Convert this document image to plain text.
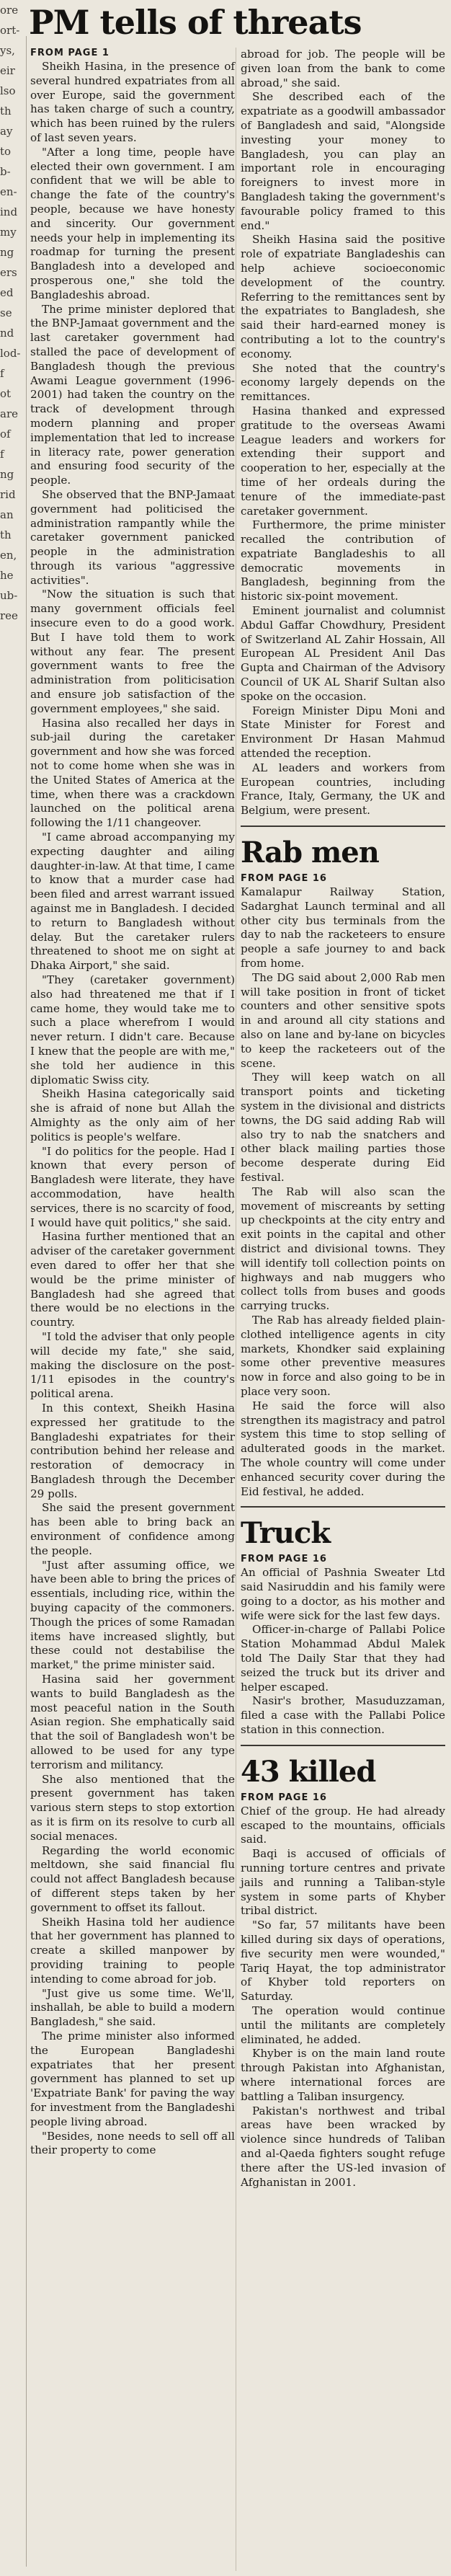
ore
ort-
ys,
eir
lso
th
ay
to
b-
en-
ind
my
ng
ers
ed
se
nd
lod-
f
ot
are
of
f
ng
rid
an
th
en,
he
ub-
ree
PM tells of threats
FROM PAGE 1

Sheikh Hasina, in the presence of several hundred expatriates from all over Europe, said the government has taken charge of such a country, which has been ruined by the rulers of last seven years.

"After a long time, people have elected their own government. I am confident that we will be able to change the fate of the country's people, because we have honesty and sincerity. Our government needs your help in implementing its roadmap for turning the present Bangladesh into a developed and prosperous one," she told the Bangladeshis abroad.

The prime minister deplored that the BNP-Jamaat government and the last caretaker government had stalled the pace of development of Bangladesh though the previous Awami League government (1996-2001) had taken the country on the track of development through modern planning and proper implementation that led to increase in literacy rate, power generation and ensuring food security of the people.

She observed that the BNP-Jamaat government had politicised the administration rampantly while the caretaker government panicked people in the administration through its various "aggressive activities".

"Now the situation is such that many government officials feel insecure even to do a good work. But I have told them to work without any fear. The present government wants to free the administration from politicisation and ensure job satisfaction of the government employees," she said.

Hasina also recalled her days in sub-jail during the caretaker government and how she was forced not to come home when she was in the United States of America at the time, when there was a crackdown launched on the political arena following the 1/11 changeover.

"I came abroad accompanying my expecting daughter and ailing daughter-in-law. At that time, I came to know that a murder case had been filed and arrest warrant issued against me in Bangladesh. I decided to return to Bangladesh without delay. But the caretaker rulers threatened to shoot me on sight at Dhaka Airport," she said.

"They (caretaker government) also had threatened me that if I came home, they would take me to such a place wherefrom I would never return. I didn't care. Because I knew that the people are with me," she told her audience in this diplomatic Swiss city.

Sheikh Hasina categorically said she is afraid of none but Allah the Almighty as the only aim of her politics is people's welfare.

"I do politics for the people. Had I known that every person of Bangladesh were literate, they have accommodation, have health services, there is no scarcity of food, I would have quit politics," she said.

Hasina further mentioned that an adviser of the caretaker government even dared to offer her that she would be the prime minister of Bangladesh had she agreed that there would be no elections in the country.

"I told the adviser that only people will decide my fate," she said, making the disclosure on the post-1/11 episodes in the country's political arena.

In this context, Sheikh Hasina expressed her gratitude to the Bangladeshi expatriates for their contribution behind her release and restoration of democracy in Bangladesh through the December 29 polls.

She said the present government has been able to bring back an environment of confidence among the people.

"Just after assuming office, we have been able to bring the prices of essentials, including rice, within the buying capacity of the commoners. Though the prices of some Ramadan items have increased slightly, but these could not destabilise the market," the prime minister said.

Hasina said her government wants to build Bangladesh as the most peaceful nation in the South Asian region. She emphatically said that the soil of Bangladesh won't be allowed to be used for any type terrorism and militancy.

She also mentioned that the present government has taken various stern steps to stop extortion as it is firm on its resolve to curb all social menaces.

Regarding the world economic meltdown, she said financial flu could not affect Bangladesh because of different steps taken by her government to offset its fallout.

Sheikh Hasina told her audience that her government has planned to create a skilled manpower by providing training to people intending to come abroad for job.

"Just give us some time. We'll, inshallah, be able to build a modern Bangladesh," she said.

The prime minister also informed the European Bangladeshi expatriates that her present government has planned to set up 'Expatriate Bank' for paving the way for investment from the Bangladeshi people living abroad.

"Besides, none needs to sell off all their property to come

abroad for job. The people will be given loan from the bank to come abroad," she said.

She described each of the expatriate as a goodwill ambassador of Bangladesh and said, "Alongside investing your money to Bangladesh, you can play an important role in encouraging foreigners to invest more in Bangladesh taking the government's favourable policy framed to this end."

Sheikh Hasina said the positive role of expatriate Bangladeshis can help achieve socioeconomic development of the country. Referring to the remittances sent by the expatriates to Bangladesh, she said their hard-earned money is contributing a lot to the country's economy.

She noted that the country's economy largely depends on the remittances.

Hasina thanked and expressed gratitude to the overseas Awami League leaders and workers for extending their support and cooperation to her, especially at the time of her ordeals during the tenure of the immediate-past caretaker government.

Furthermore, the prime minister recalled the contribution of expatriate Bangladeshis to all democratic movements in Bangladesh, beginning from the historic six-point movement.

Eminent journalist and columnist Abdul Gaffar Chowdhury, President of Switzerland AL Zahir Hossain, All European AL President Anil Das Gupta and Chairman of the Advisory Council of UK AL Sharif Sultan also spoke on the occasion.

Foreign Minister Dipu Moni and State Minister for Forest and Environment Dr Hasan Mahmud attended the reception.

AL leaders and workers from European countries, including France, Italy, Germany, the UK and Belgium, were present.

Rab men
FROM PAGE 16

Kamalapur Railway Station, Sadarghat Launch terminal and all other city bus terminals from the day to nab the racketeers to ensure people a safe journey to and back from home.

The DG said about 2,000 Rab men will take position in front of ticket counters and other sensitive spots in and around all city stations and also on lane and by-lane on bicycles to keep the racketeers out of the scene.

They will keep watch on all transport points and ticketing system in the divisional and districts towns, the DG said adding Rab will also try to nab the snatchers and other black mailing parties those become desperate during Eid festival.

The Rab will also scan the movement of miscreants by setting up checkpoints at the city entry and exit points in the capital and other district and divisional towns. They will identify toll collection points on highways and nab muggers who collect tolls from buses and goods carrying trucks.

The Rab has already fielded plain-clothed intelligence agents in city markets, Khondker said explaining some other preventive measures now in force and also going to be in place very soon.

He said the force will also strengthen its magistracy and patrol system this time to stop selling of adulterated goods in the market. The whole country will come under enhanced security cover during the Eid festival, he added.

Truck
FROM PAGE 16

An official of Pashnia Sweater Ltd said Nasiruddin and his family were going to a doctor, as his mother and wife were sick for the last few days.

Officer-in-charge of Pallabi Police Station Mohammad Abdul Malek told The Daily Star that they had seized the truck but its driver and helper escaped.

Nasir's brother, Masuduzzaman, filed a case with the Pallabi Police station in this connection.

43 killed
FROM PAGE 16

Chief of the group. He had already escaped to the mountains, officials said.

Baqi is accused of officials of running torture centres and private jails and running a Taliban-style system in some parts of Khyber tribal district.

"So far, 57 militants have been killed during six days of operations, five security men were wounded," Tariq Hayat, the top administrator of Khyber told reporters on Saturday.

The operation would continue until the militants are completely eliminated, he added.

Khyber is on the main land route through Pakistan into Afghanistan, where international forces are battling a Taliban insurgency.

Pakistan's northwest and tribal areas have been wracked by violence since hundreds of Taliban and al-Qaeda fighters sought refuge there after the US-led invasion of Afghanistan in 2001.
